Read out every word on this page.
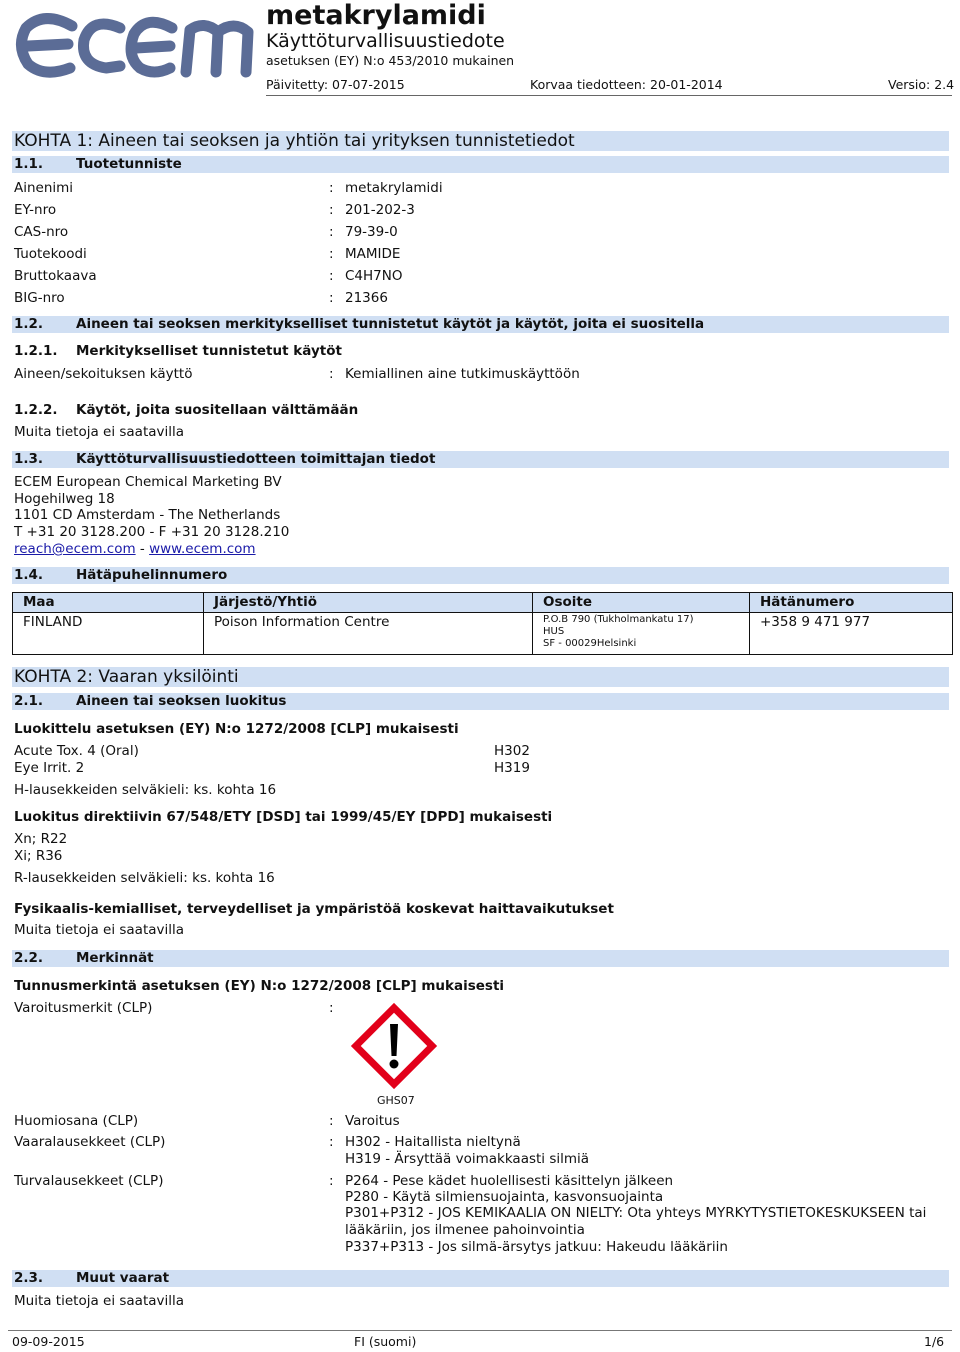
metakrylamidi
Käyttöturvallisuustiedote
asetuksen (EY) N:o 453/2010 mukainen
Päivitetty: 07-07-2015	Korvaa tiedotteen: 20-01-2014	Versio: 2.4
KOHTA 1: Aineen tai seoksen ja yhtiön tai yrityksen tunnistetiedot
1.1. Tuotetunniste
Ainenimi	: metakrylamidi
EY-nro	: 201-202-3
CAS-nro	: 79-39-0
Tuotekoodi	: MAMIDE
Bruttokaava	: C4H7NO
BIG-nro	: 21366
1.2. Aineen tai seoksen merkitykselliset tunnistetut käytöt ja käytöt, joita ei suositella
1.2.1. Merkitykselliset tunnistetut käytöt
Aineen/sekoituksen käyttö	: Kemiallinen aine tutkimuskäyttöön
1.2.2. Käytöt, joita suositellaan välttämään
Muita tietoja ei saatavilla
1.3. Käyttöturvallisuustiedotteen toimittajan tiedot
ECEM European Chemical Marketing BV
Hogehilweg 18
1101 CD Amsterdam - The Netherlands
T +31 20 3128.200 - F +31 20 3128.210
reach@ecem.com - www.ecem.com
1.4. Hätäpuhelinnumero
Maa	Järjestö/Yhtiö	Osoite	Hätänumero
FINLAND	Poison Information Centre	P.O.B 790 (Tukholmankatu 17)
HUS
SF - 00029Helsinki	+358 9 471 977
KOHTA 2: Vaaran yksilöinti
2.1. Aineen tai seoksen luokitus
Luokittelu asetuksen (EY) N:o 1272/2008 [CLP] mukaisesti
Acute Tox. 4 (Oral)	H302
Eye Irrit. 2	H319
H-lausekkeiden selväkieli: ks. kohta 16
Luokitus direktiivin 67/548/ETY [DSD] tai 1999/45/EY [DPD] mukaisesti
Xn; R22
Xi; R36
R-lausekkeiden selväkieli: ks. kohta 16
Fysikaalis-kemialliset, terveydelliset ja ympäristöä koskevat haittavaikutukset
Muita tietoja ei saatavilla
2.2. Merkinnät
Tunnusmerkintä asetuksen (EY) N:o 1272/2008 [CLP] mukaisesti
Varoitusmerkit (CLP)	:
GHS07
Huomiosana (CLP)	: Varoitus
Vaaralausekkeet (CLP)	: H302 - Haitallista nieltynä
H319 - Ärsyttää voimakkaasti silmiä
Turvalausekkeet (CLP)	: P264 - Pese kädet huolellisesti käsittelyn jälkeen
P280 - Käytä silmiensuojainta, kasvonsuojainta
P301+P312 - JOS KEMIKAALIA ON NIELTY: Ota yhteys MYRKYTYSTIETOKESKUKSEEN tai
lääkäriin, jos ilmenee pahoinvointia
P337+P313 - Jos silmä-ärsytys jatkuu: Hakeudu lääkäriin
2.3. Muut vaarat
Muita tietoja ei saatavilla
09-09-2015	FI (suomi)	1/6
